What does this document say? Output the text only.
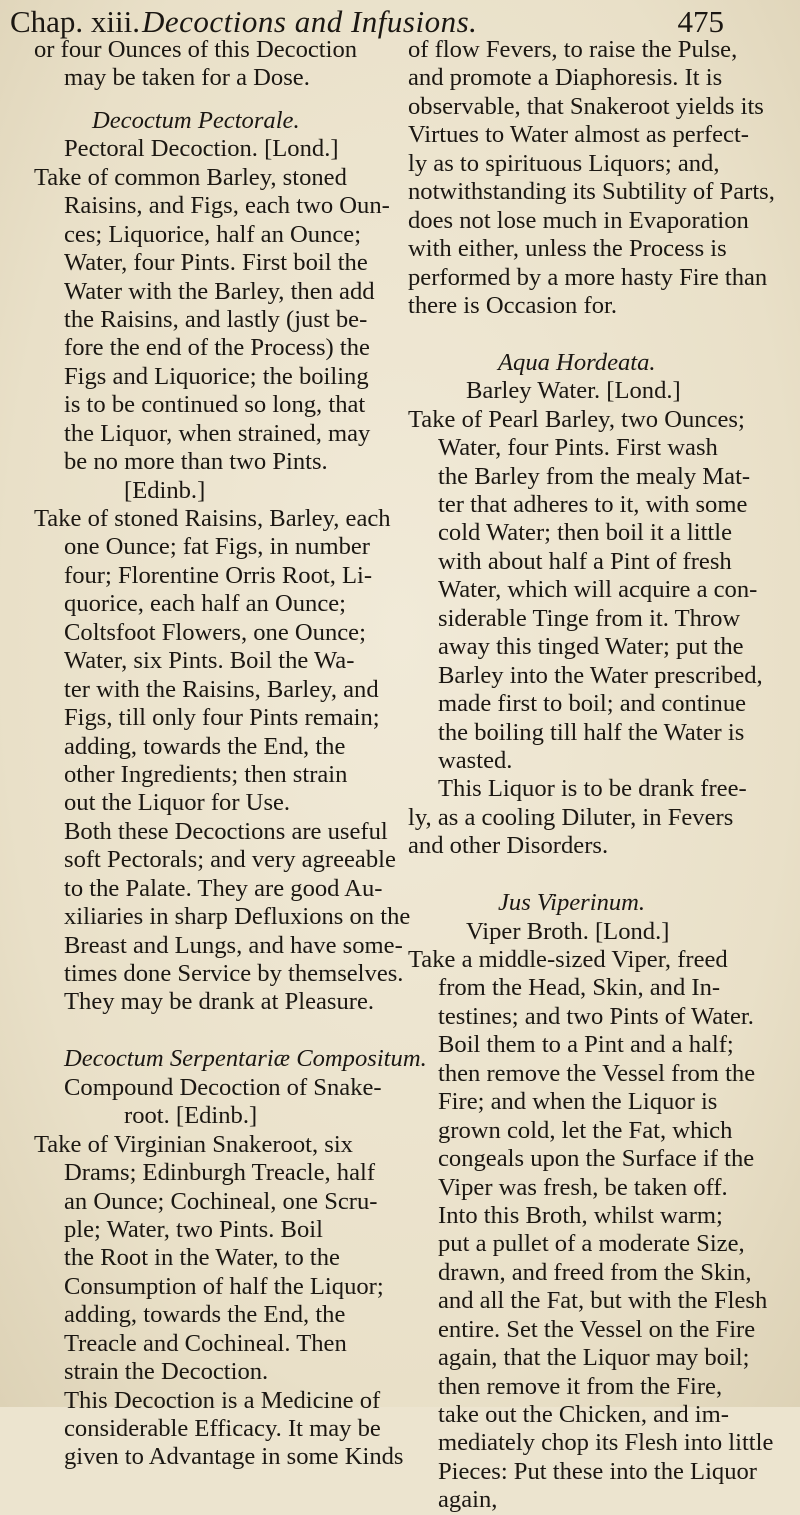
Chap. xiii. Decoctions and Infusions.	475
or four Ounces of this Decoction
may be taken for a Dose.
Decoctum Pectorale.
Pectoral Decoction. [Lond.]
Take of common Barley, stoned
Raisins, and Figs, each two Oun-
ces; Liquorice, half an Ounce;
Water, four Pints. First boil the
Water with the Barley, then add
the Raisins, and lastly (just be-
fore the end of the Process) the
Figs and Liquorice; the boiling
is to be continued so long, that
the Liquor, when strained, may
be no more than two Pints.
[Edinb.]
Take of stoned Raisins, Barley, each
one Ounce; fat Figs, in number
four; Florentine Orris Root, Li-
quorice, each half an Ounce;
Coltsfoot Flowers, one Ounce;
Water, six Pints. Boil the Wa-
ter with the Raisins, Barley, and
Figs, till only four Pints remain;
adding, towards the End, the
other Ingredients; then strain
out the Liquor for Use.
Both these Decoctions are useful
soft Pectorals; and very agreeable
to the Palate. They are good Au-
xiliaries in sharp Defluxions on the
Breast and Lungs, and have some-
times done Service by themselves.
They may be drank at Pleasure.
Decoctum Serpentariæ Compositum.
Compound Decoction of Snake-
root. [Edinb.]
Take of Virginian Snakeroot, six
Drams; Edinburgh Treacle, half
an Ounce; Cochineal, one Scru-
ple; Water, two Pints. Boil
the Root in the Water, to the
Consumption of half the Liquor;
adding, towards the End, the
Treacle and Cochineal. Then
strain the Decoction.
This Decoction is a Medicine of
considerable Efficacy. It may be
given to Advantage in some Kinds
of flow Fevers, to raise the Pulse,
and promote a Diaphoresis. It is
observable, that Snakeroot yields its
Virtues to Water almost as perfect-
ly as to spirituous Liquors; and,
notwithstanding its Subtility of Parts,
does not lose much in Evaporation
with either, unless the Process is
performed by a more hasty Fire than
there is Occasion for.
Aqua Hordeata.
Barley Water. [Lond.]
Take of Pearl Barley, two Ounces;
Water, four Pints. First wash
the Barley from the mealy Mat-
ter that adheres to it, with some
cold Water; then boil it a little
with about half a Pint of fresh
Water, which will acquire a con-
siderable Tinge from it. Throw
away this tinged Water; put the
Barley into the Water prescribed,
made first to boil; and continue
the boiling till half the Water is
wasted.
This Liquor is to be drank free-
ly, as a cooling Diluter, in Fevers
and other Disorders.
Jus Viperinum.
Viper Broth. [Lond.]
Take a middle-sized Viper, freed
from the Head, Skin, and In-
testines; and two Pints of Water.
Boil them to a Pint and a half;
then remove the Vessel from the
Fire; and when the Liquor is
grown cold, let the Fat, which
congeals upon the Surface if the
Viper was fresh, be taken off.
Into this Broth, whilst warm;
put a pullet of a moderate Size,
drawn, and freed from the Skin,
and all the Fat, but with the Flesh
entire. Set the Vessel on the Fire
again, that the Liquor may boil;
then remove it from the Fire,
take out the Chicken, and im-
mediately chop its Flesh into little
Pieces: Put these into the Liquor
again,
